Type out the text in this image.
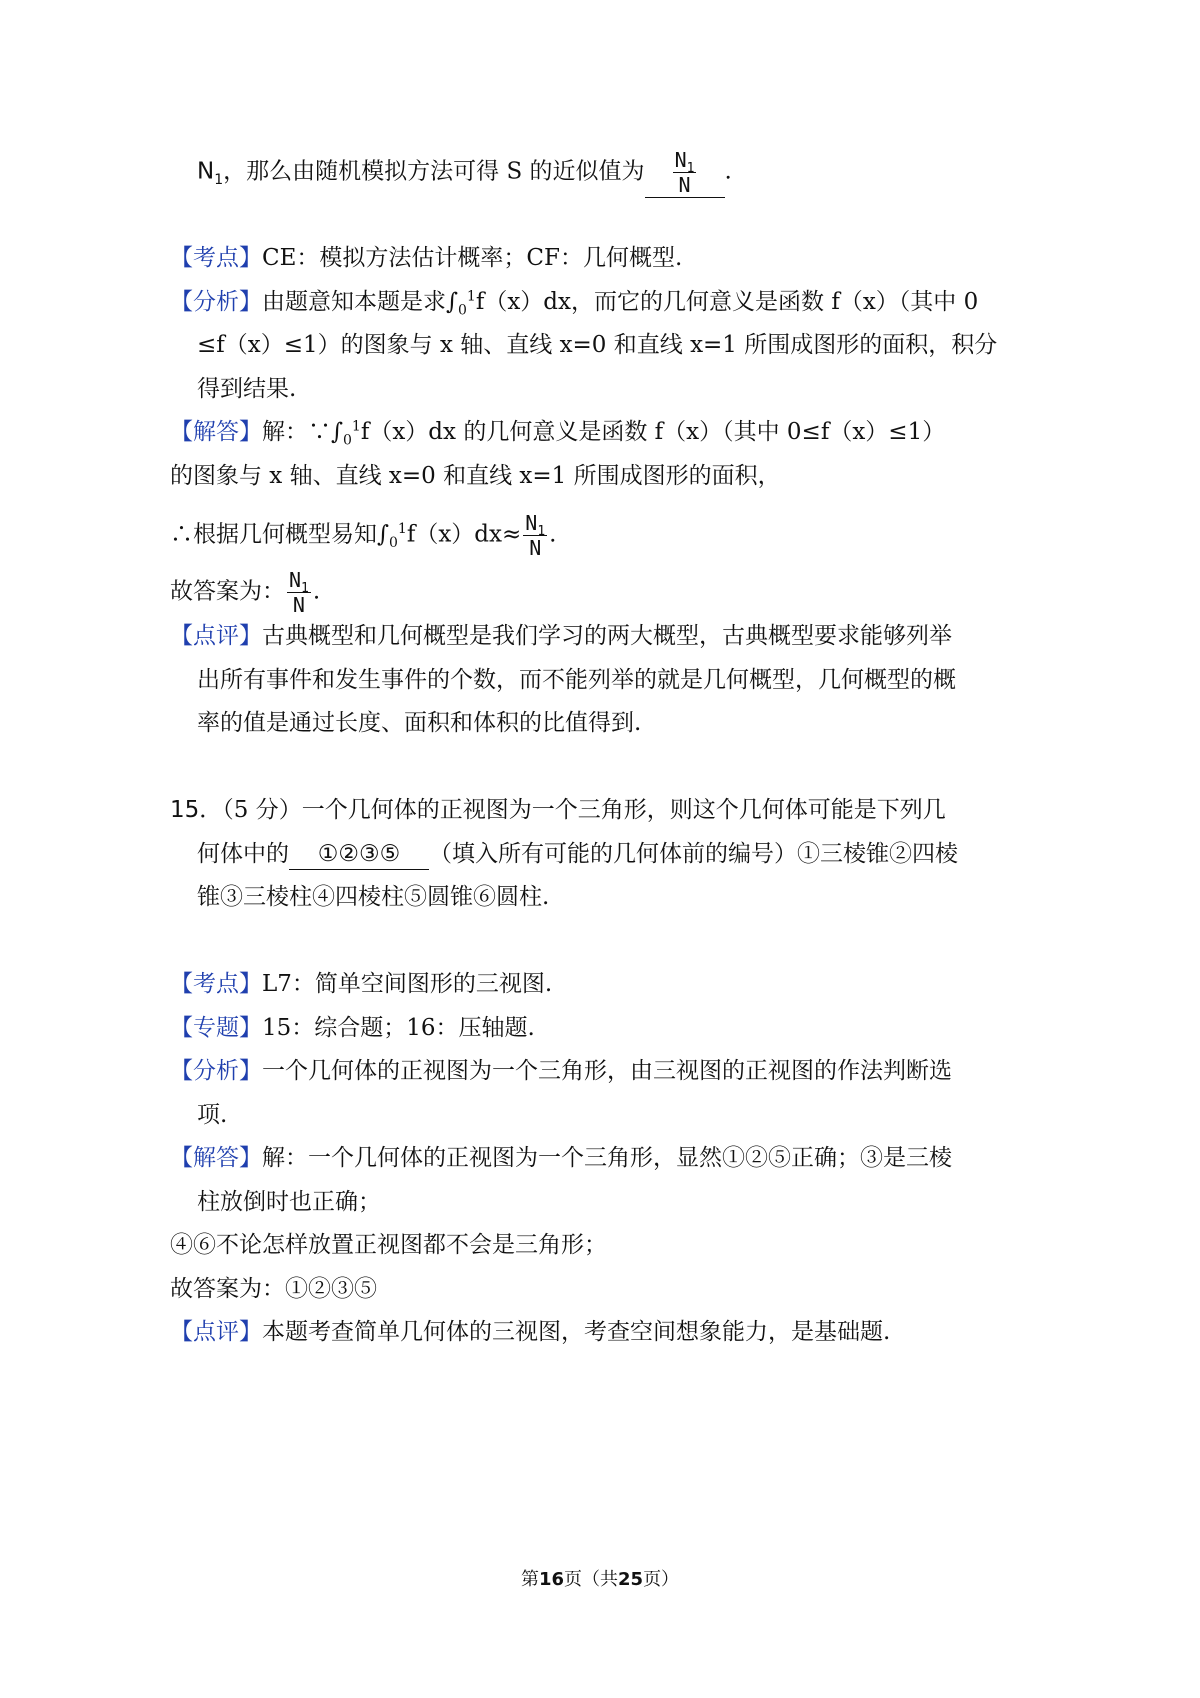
$N_1$，那么由随机模拟方法可得 S 的近似值为 $\frac{N_1}{N}$ .
【考点】CE：模拟方法估计概率；CF：几何概型.
【分析】由题意知本题是求$\int_0^1f(x)dx$，而它的几何意义是函数 f（x）（其中 0
≤f（x）≤1）的图象与 x 轴、直线 x=0 和直线 x=1 所围成图形的面积，积分
得到结果.
【解答】解：$\because\int_0^1f(x)dx$ 的几何意义是函数 f（x）（其中 0≤f（x）≤1）
的图象与 x 轴、直线 x=0 和直线 x=1 所围成图形的面积，
∴根据几何概型易知$\int_0^1f(x)dx\approx \frac{N_1}{N}$ .
故答案为： $\frac{N_1}{N}$ .
【点评】古典概型和几何概型是我们学习的两大概型，古典概型要求能够列举
出所有事件和发生事件的个数，而不能列举的就是几何概型，几何概型的概
率的值是通过长度、面积和体积的比值得到.
15．（5 分）一个几何体的正视图为一个三角形，则这个几何体可能是下列几
何体中的 ①②③⑤ （填入所有可能的几何体前的编号）①三棱锥②四棱
锥③三棱柱④四棱柱⑤圆锥⑥圆柱.
【考点】L7：简单空间图形的三视图.
【专题】15：综合题；16：压轴题.
【分析】一个几何体的正视图为一个三角形，由三视图的正视图的作法判断选
项.
【解答】解：一个几何体的正视图为一个三角形，显然①②⑤正确；③是三棱
柱放倒时也正确；
④⑥不论怎样放置正视图都不会是三角形；
故答案为：①②③⑤
【点评】本题考查简单几何体的三视图，考查空间想象能力，是基础题.
第16页（共25页）
